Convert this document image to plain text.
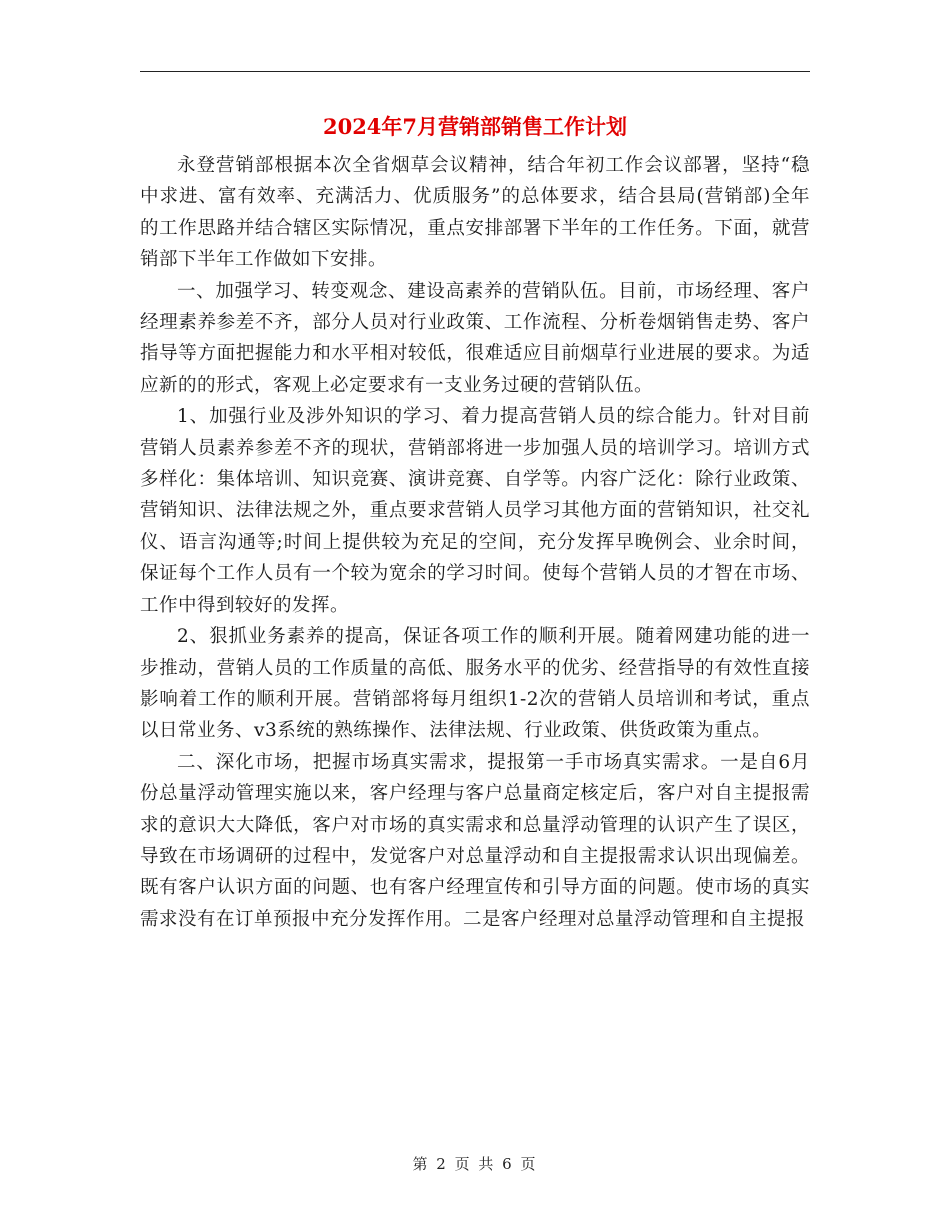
2024年7月营销部销售工作计划

永登营销部根据本次全省烟草会议精神，结合年初工作会议部署，坚持“稳中求进、富有效率、充满活力、优质服务”的总体要求，结合县局(营销部)全年的工作思路并结合辖区实际情况，重点安排部署下半年的工作任务。下面，就营销部下半年工作做如下安排。

一、加强学习、转变观念、建设高素养的营销队伍。目前，市场经理、客户经理素养参差不齐，部分人员对行业政策、工作流程、分析卷烟销售走势、客户指导等方面把握能力和水平相对较低，很难适应目前烟草行业进展的要求。为适应新的的形式，客观上必定要求有一支业务过硬的营销队伍。

1、加强行业及涉外知识的学习、着力提高营销人员的综合能力。针对目前营销人员素养参差不齐的现状，营销部将进一步加强人员的培训学习。培训方式多样化：集体培训、知识竞赛、演讲竞赛、自学等。内容广泛化：除行业政策、营销知识、法律法规之外，重点要求营销人员学习其他方面的营销知识，社交礼仪、语言沟通等;时间上提供较为充足的空间，充分发挥早晚例会、业余时间，保证每个工作人员有一个较为宽余的学习时间。使每个营销人员的才智在市场、工作中得到较好的发挥。

2、狠抓业务素养的提高，保证各项工作的顺利开展。随着网建功能的进一步推动，营销人员的工作质量的高低、服务水平的优劣、经营指导的有效性直接影响着工作的顺利开展。营销部将每月组织1-2次的营销人员培训和考试，重点以日常业务、v3系统的熟练操作、法律法规、行业政策、供货政策为重点。

二、深化市场，把握市场真实需求，提报第一手市场真实需求。一是自6月份总量浮动管理实施以来，客户经理与客户总量商定核定后，客户对自主提报需求的意识大大降低，客户对市场的真实需求和总量浮动管理的认识产生了误区，导致在市场调研的过程中，发觉客户对总量浮动和自主提报需求认识出现偏差。既有客户认识方面的问题、也有客户经理宣传和引导方面的问题。使市场的真实需求没有在订单预报中充分发挥作用。二是客户经理对总量浮动管理和自主提报

第 2 页 共 6 页
